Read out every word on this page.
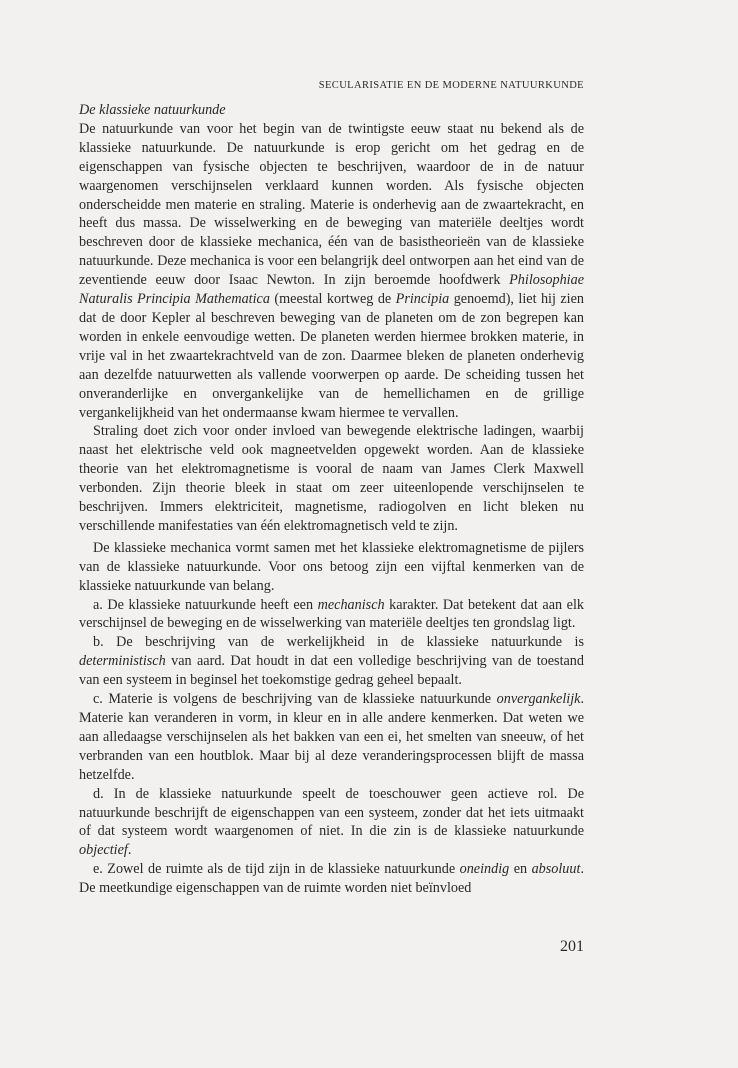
SECULARISATIE EN DE MODERNE NATUURKUNDE

De klassieke natuurkunde

De natuurkunde van voor het begin van de twintigste eeuw staat nu bekend als de klassieke natuurkunde. De natuurkunde is erop gericht om het gedrag en de eigenschappen van fysische objecten te beschrijven, waardoor de in de natuur waargenomen verschijnselen verklaard kunnen worden. Als fysische objecten onderscheidde men materie en straling. Materie is onderhevig aan de zwaartekracht, en heeft dus massa. De wisselwerking en de beweging van materiële deeltjes wordt beschreven door de klassieke mechanica, één van de basistheorieën van de klassieke natuurkunde. Deze mechanica is voor een belangrijk deel ontworpen aan het eind van de zeventiende eeuw door Isaac Newton. In zijn beroemde hoofdwerk Philosophiae Naturalis Principia Mathematica (meestal kortweg de Principia genoemd), liet hij zien dat de door Kepler al beschreven beweging van de planeten om de zon begrepen kan worden in enkele eenvoudige wetten. De planeten werden hiermee brokken materie, in vrije val in het zwaartekrachtveld van de zon. Daarmee bleken de planeten onderhevig aan dezelfde natuurwetten als vallende voorwerpen op aarde. De scheiding tussen het onveranderlijke en onvergankelijke van de hemellichamen en de grillige vergankelijkheid van het ondermaanse kwam hiermee te vervallen.

Straling doet zich voor onder invloed van bewegende elektrische ladingen, waarbij naast het elektrische veld ook magneetvelden opgewekt worden. Aan de klassieke theorie van het elektromagnetisme is vooral de naam van James Clerk Maxwell verbonden. Zijn theorie bleek in staat om zeer uiteenlopende verschijnselen te beschrijven. Immers elektriciteit, magnetisme, radiogolven en licht bleken nu verschillende manifestaties van één elektromagnetisch veld te zijn.

De klassieke mechanica vormt samen met het klassieke elektromagnetisme de pijlers van de klassieke natuurkunde. Voor ons betoog zijn een vijftal kenmerken van de klassieke natuurkunde van belang.

a. De klassieke natuurkunde heeft een mechanisch karakter. Dat betekent dat aan elk verschijnsel de beweging en de wisselwerking van materiële deeltjes ten grondslag ligt.

b. De beschrijving van de werkelijkheid in de klassieke natuurkunde is deterministisch van aard. Dat houdt in dat een volledige beschrijving van de toestand van een systeem in beginsel het toekomstige gedrag geheel bepaalt.

c. Materie is volgens de beschrijving van de klassieke natuurkunde onvergankelijk. Materie kan veranderen in vorm, in kleur en in alle andere kenmerken. Dat weten we aan alledaagse verschijnselen als het bakken van een ei, het smelten van sneeuw, of het verbranden van een houtblok. Maar bij al deze veranderingsprocessen blijft de massa hetzelfde.

d. In de klassieke natuurkunde speelt de toeschouwer geen actieve rol. De natuurkunde beschrijft de eigenschappen van een systeem, zonder dat het iets uitmaakt of dat systeem wordt waargenomen of niet. In die zin is de klassieke natuurkunde objectief.

e. Zowel de ruimte als de tijd zijn in de klassieke natuurkunde oneindig en absoluut. De meetkundige eigenschappen van de ruimte worden niet beïnvloed

201
